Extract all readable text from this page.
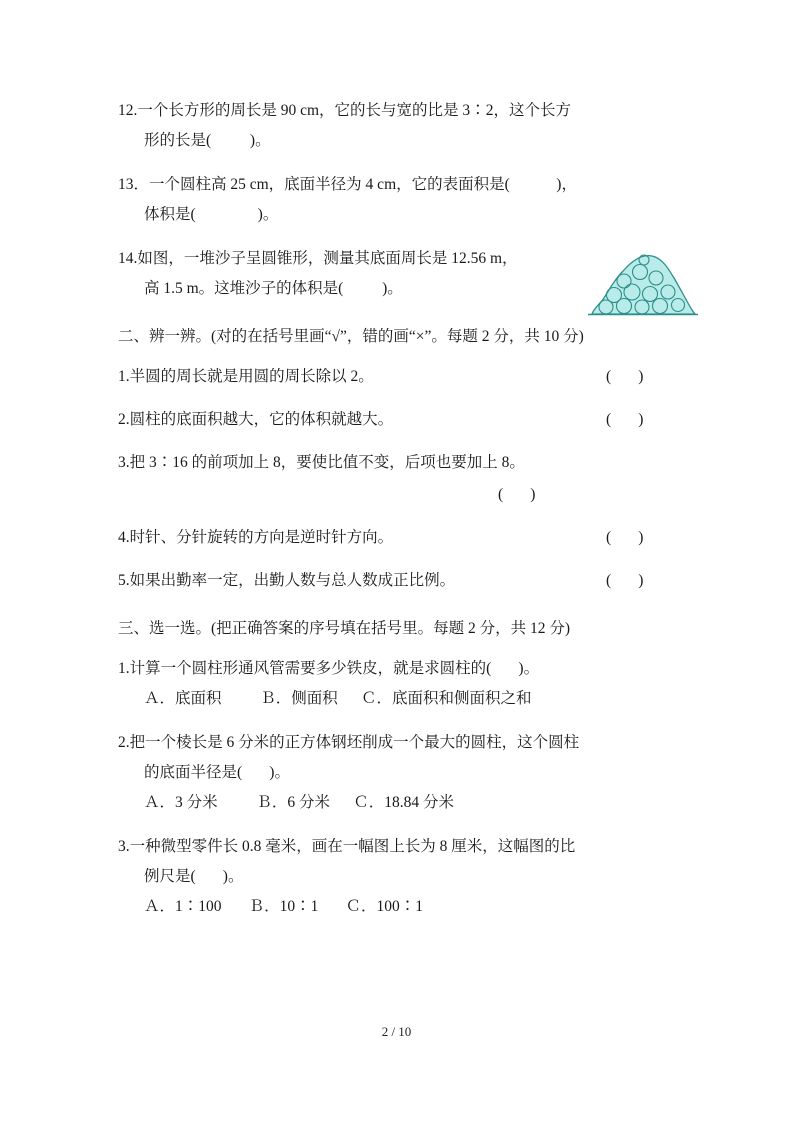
12.一个长方形的周长是 90 cm，它的长与宽的比是 3∶2，这个长方
形的长是(          )。
13．一个圆柱高 25 cm，底面半径为 4 cm，它的表面积是(            )，
体积是(                )。
14.如图，一堆沙子呈圆锥形，测量其底面周长是 12.56 m，
高 1.5 m。这堆沙子的体积是(          )。
二、辨一辨。(对的在括号里画“√”，错的画“×”。每题 2 分，共 10 分)
1.半圆的周长就是用圆的周长除以 2。	(       )
2.圆柱的底面积越大，它的体积就越大。	(       )
3.把 3∶16 的前项加上 8，要使比值不变，后项也要加上 8。
(       )
4.时针、分针旋转的方向是逆时针方向。	(       )
5.如果出勤率一定，出勤人数与总人数成正比例。	(       )
三、选一选。(把正确答案的序号填在括号里。每题 2 分，共 12 分)
1.计算一个圆柱形通风管需要多少铁皮，就是求圆柱的(       )。
Ａ．底面积          Ｂ．侧面积      Ｃ．底面积和侧面积之和
2.把一个棱长是 6 分米的正方体钢坯削成一个最大的圆柱，这个圆柱
的底面半径是(       )。
Ａ．3 分米          Ｂ．6 分米      Ｃ．18.84 分米
3.一种微型零件长 0.8 毫米，画在一幅图上长为 8 厘米，这幅图的比
例尺是(       )。
Ａ．1∶100       Ｂ．10∶1       Ｃ．100∶1
2 / 10
